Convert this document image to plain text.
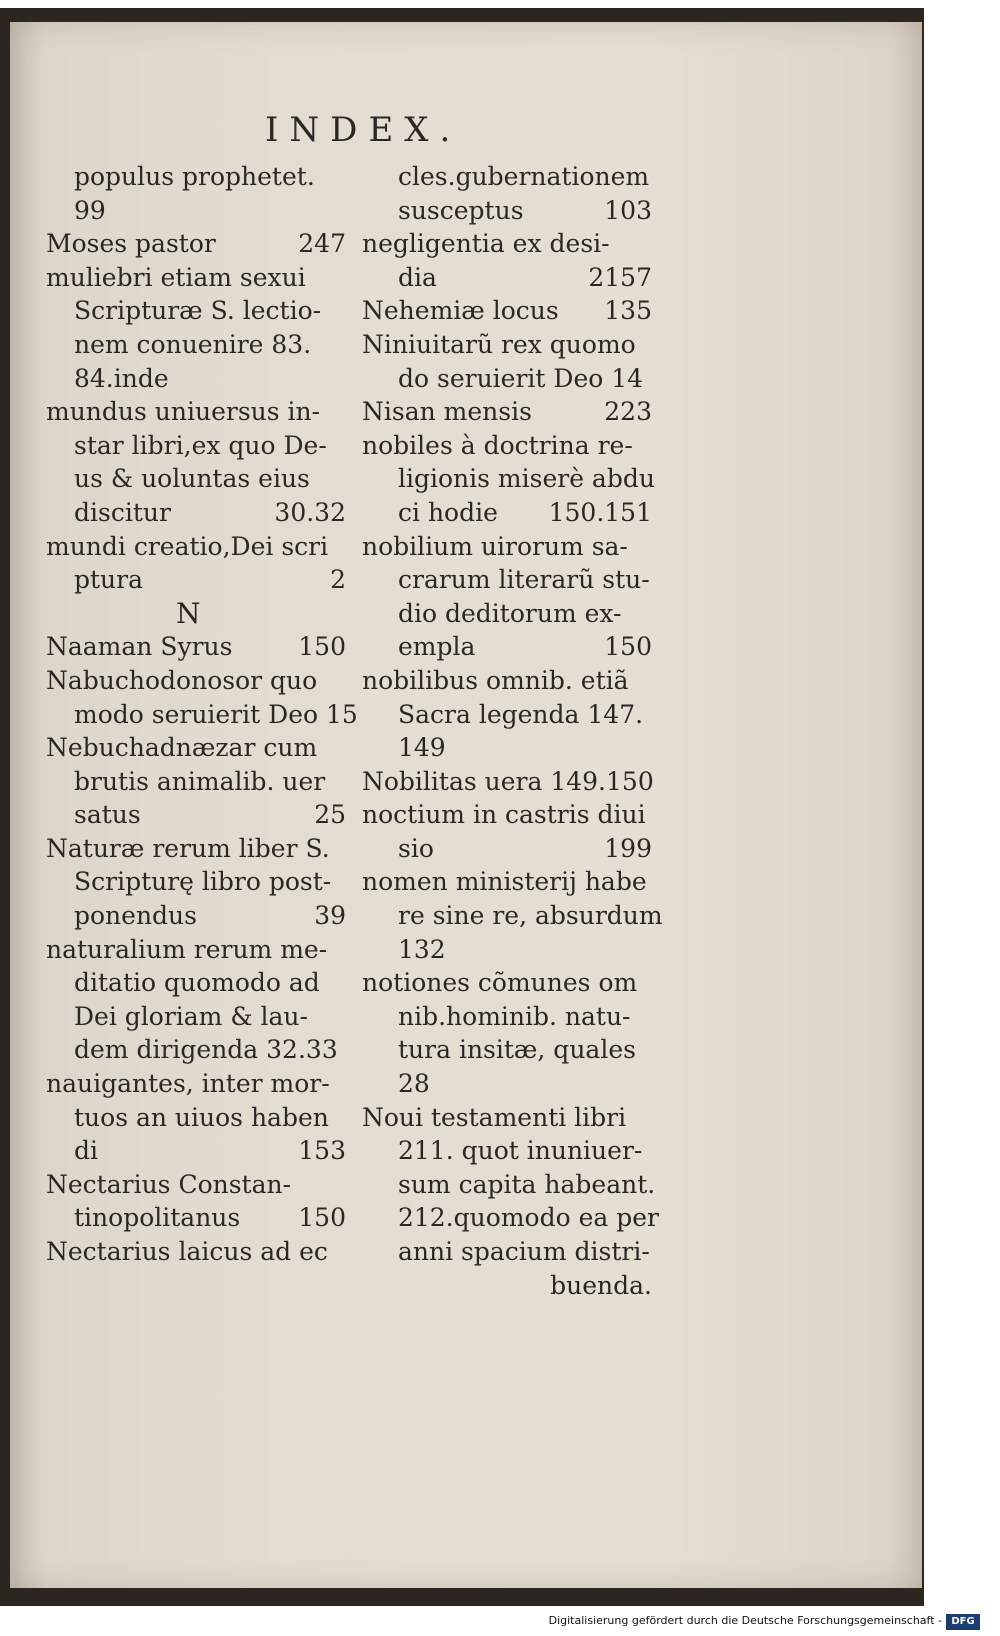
INDEX.
populus prophetet.
99
Moses pastor	247
muliebri etiam sexui
Scripturæ S. lectio-
nem conuenire 83.
84.inde
mundus uniuersus in-
star libri,ex quo De-
us & uoluntas eius
discitur	30.32
mundi creatio,Dei scri
ptura	2
N
Naaman Syrus	150
Nabuchodonosor quo
modo seruierit Deo 15
Nebuchadnæzar cum
brutis animalib. uer
satus	25
Naturæ rerum liber S.
Scripturę libro post-
ponendus	39
naturalium rerum me-
ditatio quomodo ad
Dei gloriam & lau-
dem dirigenda 32.33
nauigantes, inter mor-
tuos an uiuos haben
di	153
Nectarius Constan-
tinopolitanus 150
Nectarius laicus ad ec
cles.gubernationem
susceptus	103
negligentia ex desi-
dia	2157
Nehemiæ locus 135
Niniuitarũ rex quomo
do seruierit Deo 14
Nisan mensis	223
nobiles à doctrina re-
ligionis miserè abdu
ci hodie 150.151
nobilium uirorum sa-
crarum literarũ stu-
dio deditorum ex-
empla	150
nobilibus omnib. etiã
Sacra legenda 147.
149
Nobilitas uera 149.150
noctium in castris diui
sio	199
nomen ministerij habe
re sine re, absurdum
132
notiones cõmunes om
nib.hominib. natu-
tura insitæ, quales
28
Noui testamenti libri
211. quot inuniuer-
sum capita habeant.
212.quomodo ea per
anni spacium distri-
buenda.
Digitalisierung gefördert durch die Deutsche Forschungsgemeinschaft - DFG
